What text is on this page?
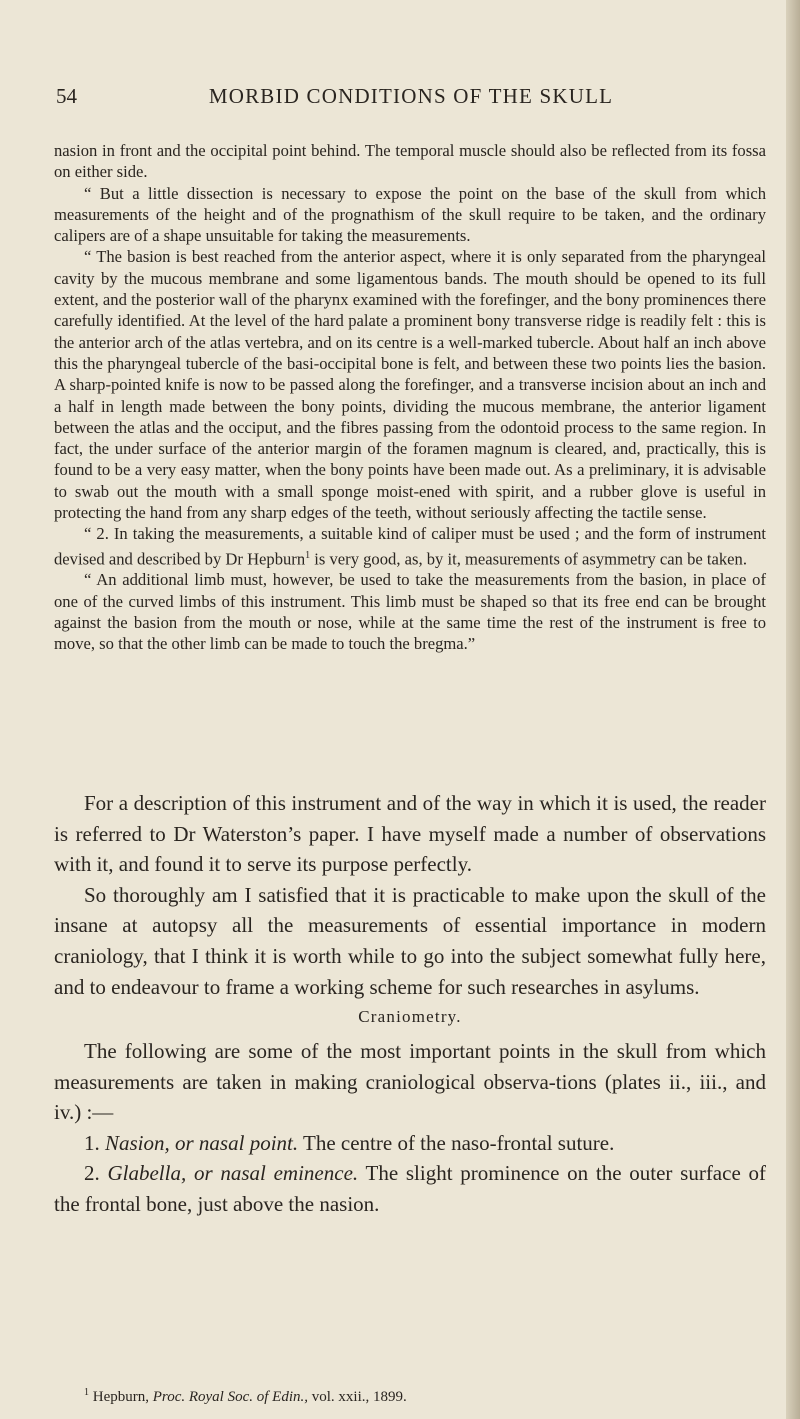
54	MORBID CONDITIONS OF THE SKULL

nasion in front and the occipital point behind. The temporal muscle should also be reflected from its fossa on either side.

“ But a little dissection is necessary to expose the point on the base of the skull from which measurements of the height and of the prognathism of the skull require to be taken, and the ordinary calipers are of a shape unsuitable for taking the measurements.

“ The basion is best reached from the anterior aspect, where it is only separated from the pharyngeal cavity by the mucous membrane and some ligamentous bands. The mouth should be opened to its full extent, and the posterior wall of the pharynx examined with the forefinger, and the bony prominences there carefully identified. At the level of the hard palate a prominent bony transverse ridge is readily felt : this is the anterior arch of the atlas vertebra, and on its centre is a well-marked tubercle. About half an inch above this the pharyngeal tubercle of the basi-occipital bone is felt, and between these two points lies the basion. A sharp-pointed knife is now to be passed along the forefinger, and a transverse incision about an inch and a half in length made between the bony points, dividing the mucous membrane, the anterior ligament between the atlas and the occiput, and the fibres passing from the odontoid process to the same region. In fact, the under surface of the anterior margin of the foramen magnum is cleared, and, practically, this is found to be a very easy matter, when the bony points have been made out. As a preliminary, it is advisable to swab out the mouth with a small sponge moist-ened with spirit, and a rubber glove is useful in protecting the hand from any sharp edges of the teeth, without seriously affecting the tactile sense.

“ 2. In taking the measurements, a suitable kind of caliper must be used ; and the form of instrument devised and described by Dr Hepburn$^1$ is very good, as, by it, measurements of asymmetry can be taken.

“ An additional limb must, however, be used to take the measurements from the basion, in place of one of the curved limbs of this instrument. This limb must be shaped so that its free end can be brought against the basion from the mouth or nose, while at the same time the rest of the instrument is free to move, so that the other limb can be made to touch the bregma.”

For a description of this instrument and of the way in which it is used, the reader is referred to Dr Waterston’s paper. I have myself made a number of observations with it, and found it to serve its purpose perfectly.

So thoroughly am I satisfied that it is practicable to make upon the skull of the insane at autopsy all the measurements of essential importance in modern craniology, that I think it is worth while to go into the subject somewhat fully here, and to endeavour to frame a working scheme for such researches in asylums.

Craniometry.

The following are some of the most important points in the skull from which measurements are taken in making craniological observa-tions (plates ii., iii., and iv.) :—

1. Nasion, or nasal point. The centre of the naso-frontal suture.

2. Glabella, or nasal eminence. The slight prominence on the outer surface of the frontal bone, just above the nasion.

$^1$ Hepburn, Proc. Royal Soc. of Edin., vol. xxii., 1899.
